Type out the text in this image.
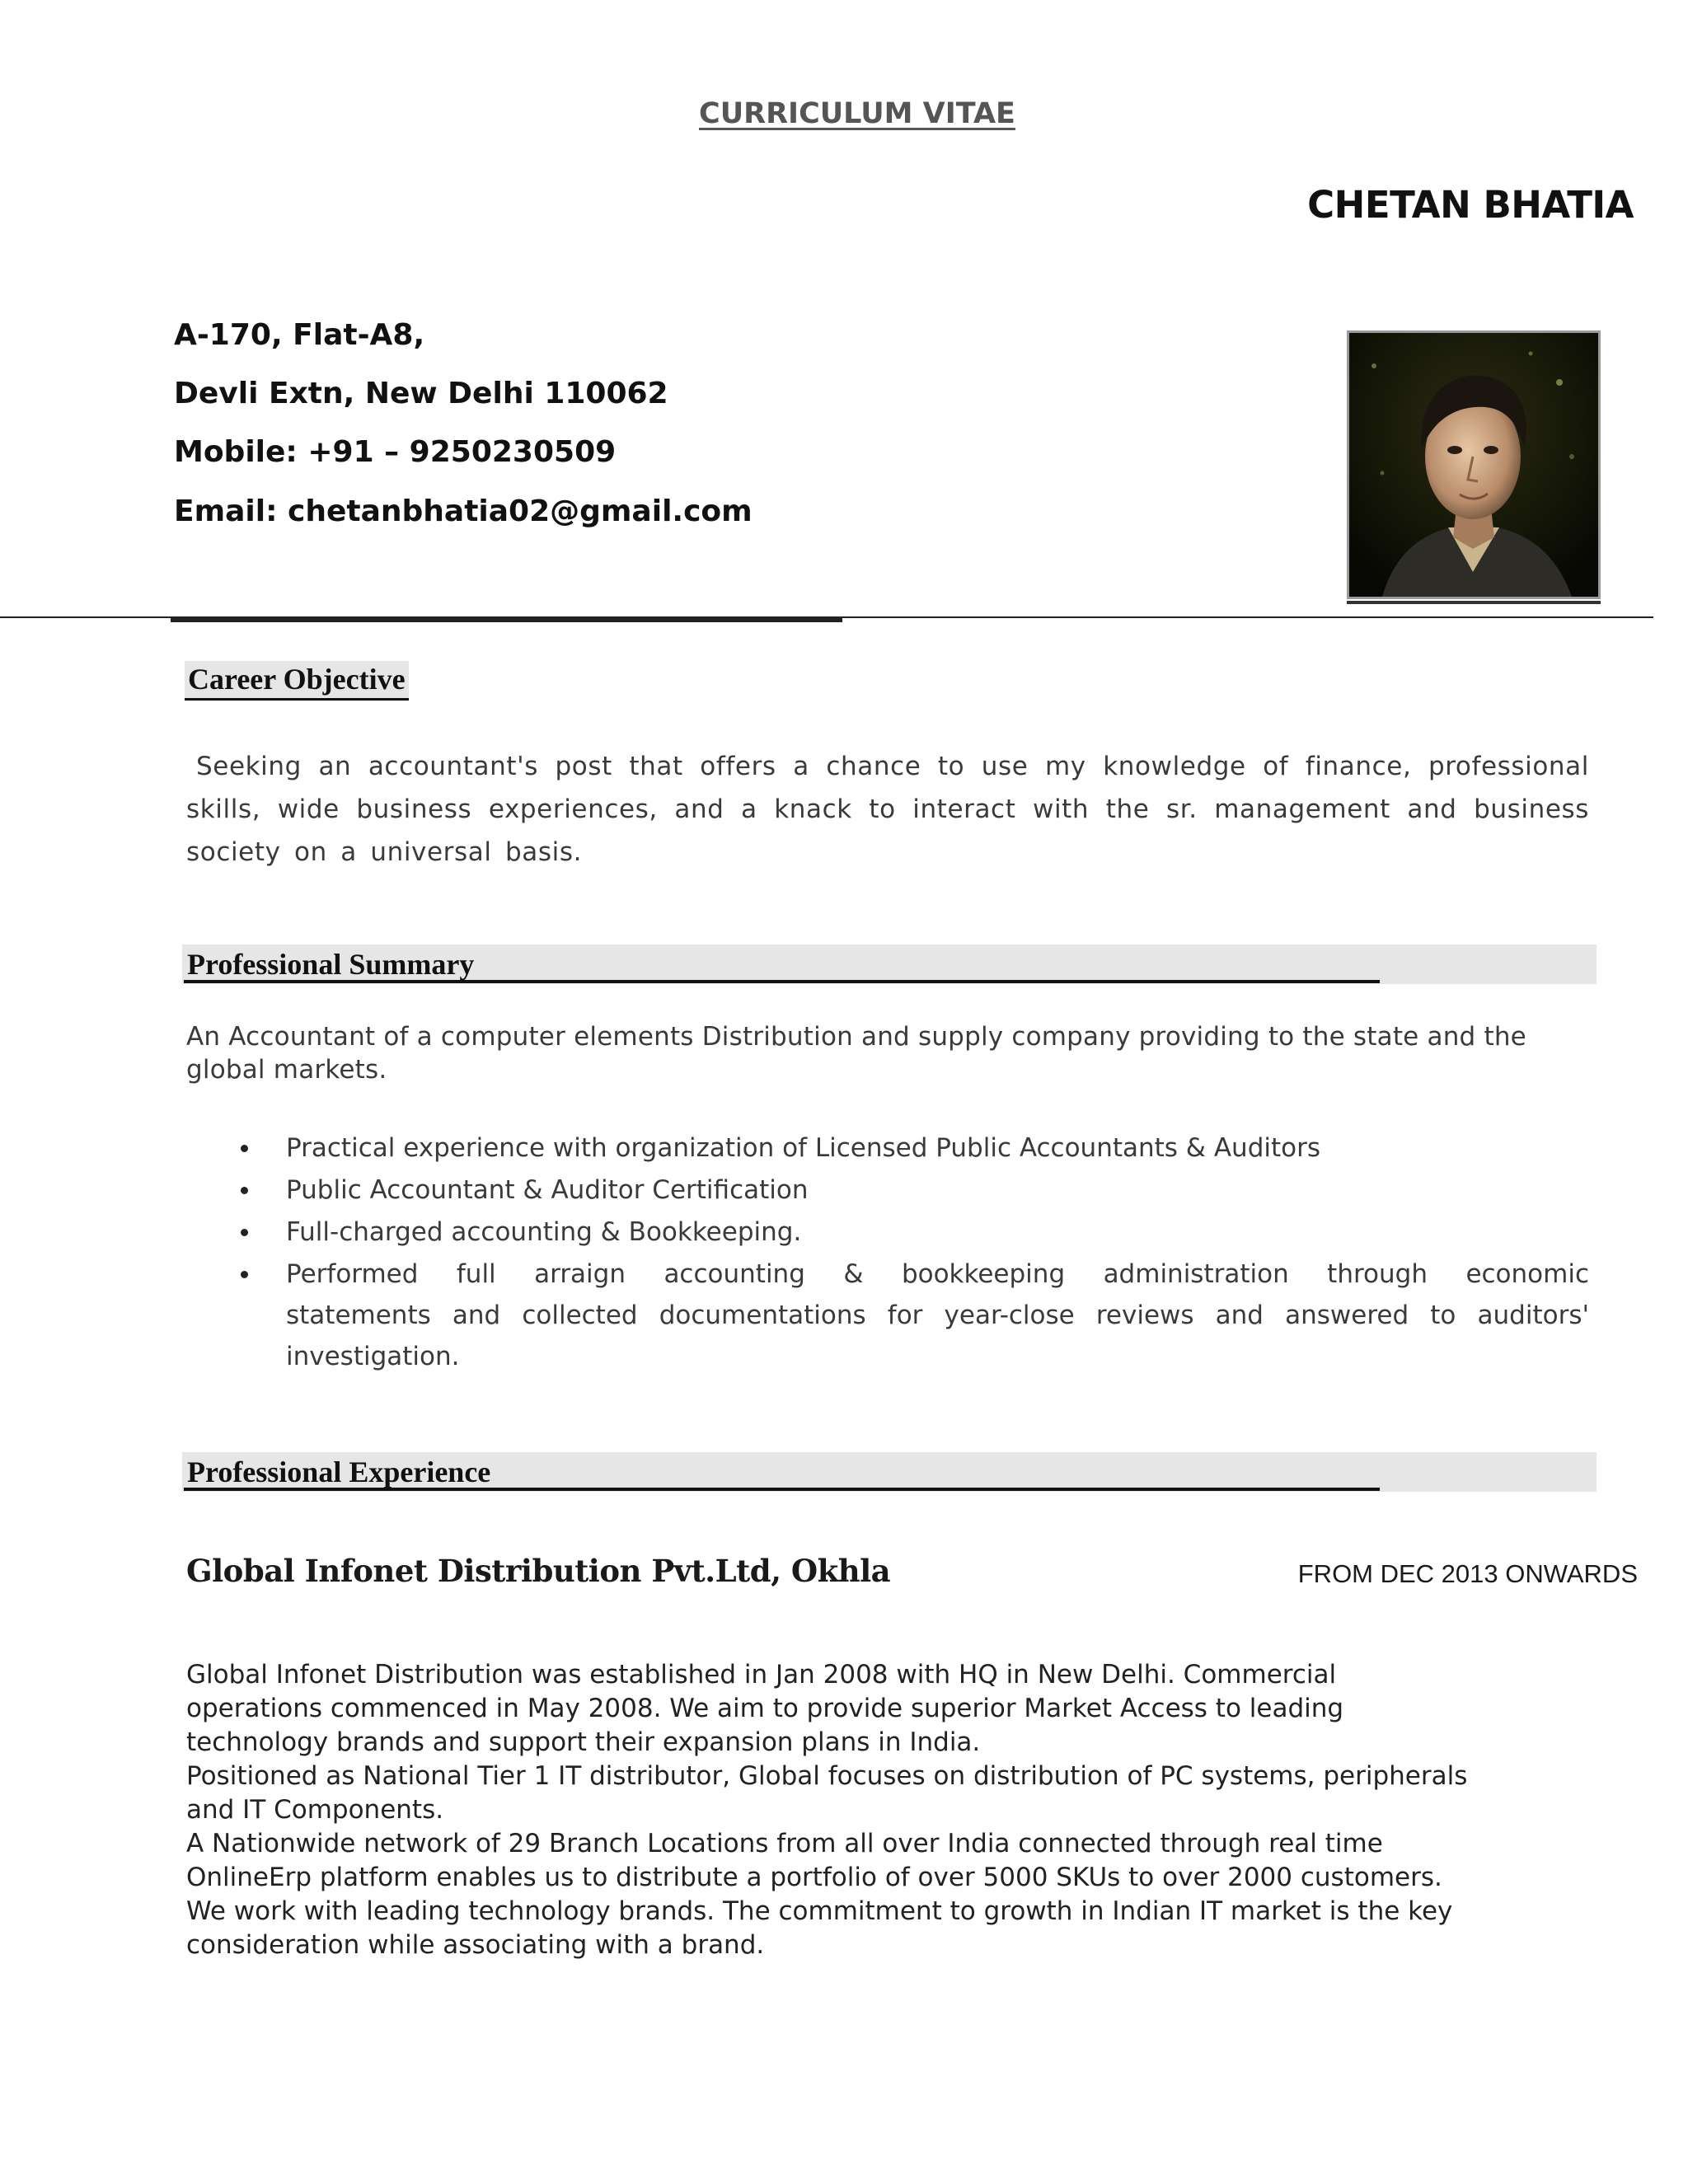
CURRICULUM VITAE
CHETAN BHATIA
A-170, Flat-A8,
Devli Extn, New Delhi 110062
Mobile: +91 – 9250230509
Email: chetanbhatia02@gmail.com
Career Objective
Seeking an accountant's post that offers a chance to use my knowledge of finance, professional skills, wide business experiences, and a knack to interact with the sr. management and business society on a universal basis.
Professional Summary
An Accountant of a computer elements Distribution and supply company providing to the state and the global markets.
Practical experience with organization of Licensed Public Accountants & Auditors
Public Accountant & Auditor Certification
Full-charged accounting & Bookkeeping.
Performed full arraign accounting & bookkeeping administration through economic statements and collected documentations for year-close reviews and answered to auditors' investigation.
Professional Experience
Global Infonet Distribution Pvt.Ltd, Okhla	FROM DEC 2013 ONWARDS
Global Infonet Distribution was established in Jan 2008 with HQ in New Delhi. Commercial
operations commenced in May 2008. We aim to provide superior Market Access to leading
technology brands and support their expansion plans in India.
Positioned as National Tier 1 IT distributor, Global focuses on distribution of PC systems, peripherals
and IT Components.
A Nationwide network of 29 Branch Locations from all over India connected through real time
OnlineErp platform enables us to distribute a portfolio of over 5000 SKUs to over 2000 customers.
We work with leading technology brands. The commitment to growth in Indian IT market is the key
consideration while associating with a brand.
